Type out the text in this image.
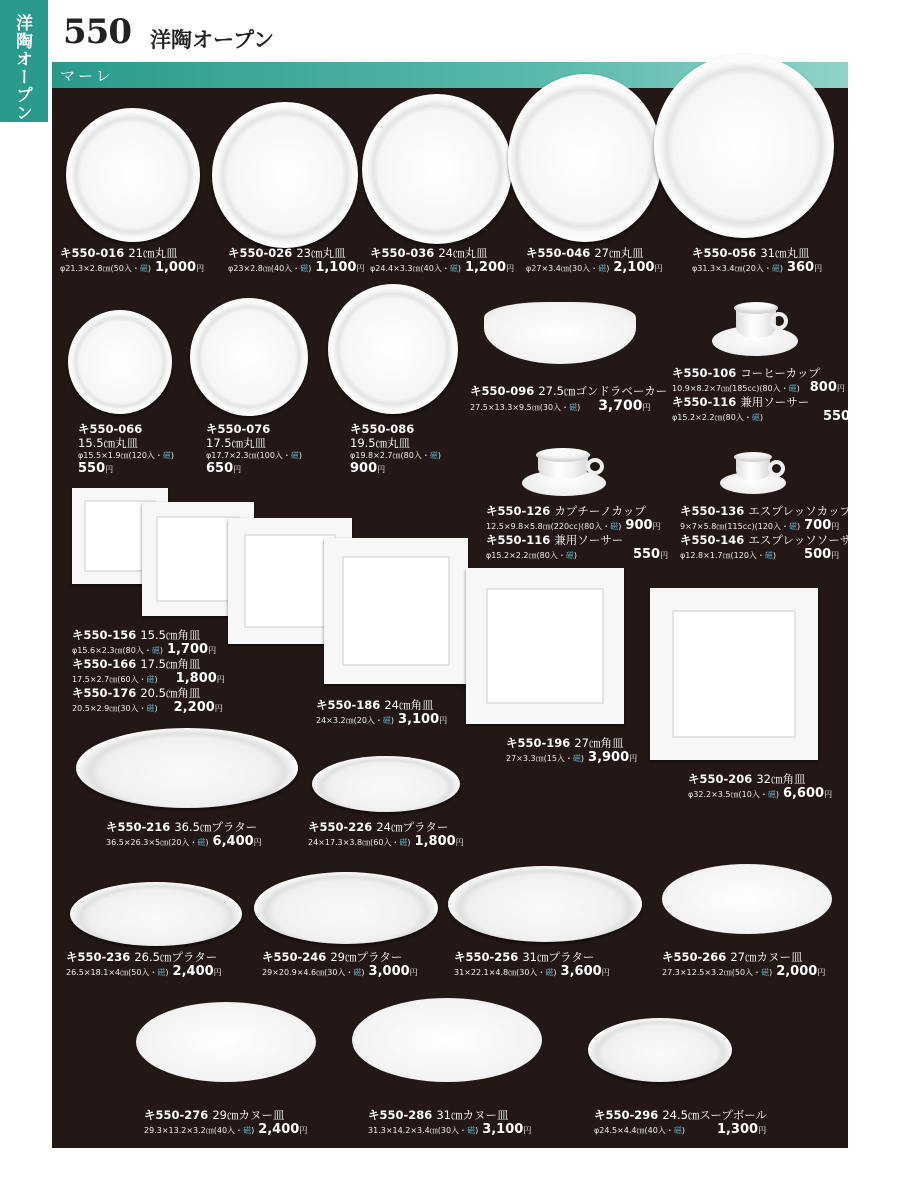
洋陶オープン 550 洋陶オープン
マーレ
キ550-016 21㎝丸皿
φ21.3×2.8㎝(50入・磁) 1,000円
キ550-026 23㎝丸皿
φ23×2.8㎝(40入・磁) 1,100円
キ550-036 24㎝丸皿
φ24.4×3.3㎝(40入・磁) 1,200円
キ550-046 27㎝丸皿
φ27×3.4㎝(30入・磁) 2,100円
キ550-056 31㎝丸皿
φ31.3×3.4㎝(20入・磁) 360円
キ550-066
15.5㎝丸皿
φ15.5×1.9㎝(120入・磁)
550円
キ550-076
17.5㎝丸皿
φ17.7×2.3㎝(100入・磁)
650円
キ550-086
19.5㎝丸皿
φ19.8×2.7㎝(80入・磁)
900円
キ550-096 27.5㎝ゴンドラベーカー
27.5×13.3×9.5㎝(30入・磁) 3,700円
キ550-106 コーヒーカップ
10.9×8.2×7㎝(185cc)(80入・磁) 800円
キ550-116 兼用ソーサー
φ15.2×2.2㎝(80入・磁)	550円
キ550-126 カプチーノカップ
12.5×9.8×5.8㎝(220cc)(80入・磁) 900円
キ550-116 兼用ソーサー
φ15.2×2.2㎝(80入・磁)	550円
キ550-136 エスプレッソカップ
9×7×5.8㎝(115cc)(120入・磁) 700円
キ550-146 エスプレッソソーサー
φ12.8×1.7㎝(120入・磁) 500円
キ550-156 15.5㎝角皿
φ15.6×2.3㎝(80入・磁) 1,700円
キ550-166 17.5㎝角皿
17.5×2.7㎝(60入・磁) 1,800円
キ550-176 20.5㎝角皿
20.5×2.9㎝(30入・磁) 2,200円	キ550-186 24㎝角皿
24×3.2㎝(20入・磁) 3,100円
キ550-196 27㎝角皿
27×3.3㎝(15入・磁) 3,900円
キ550-206 32㎝角皿
φ32.2×3.5㎝(10入・磁) 6,600円
キ550-216 36.5㎝プラター
36.5×26.3×5㎝(20入・磁) 6,400円
キ550-226 24㎝プラター
24×17.3×3.8㎝(60入・磁) 1,800円
キ550-236 26.5㎝プラター
26.5×18.1×4㎝(50入・磁) 2,400円
キ550-246 29㎝プラター
29×20.9×4.6㎝(30入・磁) 3,000円
キ550-256 31㎝プラター
31×22.1×4.8㎝(30入・磁) 3,600円
キ550-266 27㎝カヌー皿
27.3×12.5×3.2㎝(50入・磁) 2,000円
キ550-276 29㎝カヌー皿
29.3×13.2×3.2㎝(40入・磁) 2,400円
キ550-286 31㎝カヌー皿
31.3×14.2×3.4㎝(30入・磁) 3,100円
キ550-296 24.5㎝スープボール
φ24.5×4.4㎝(40入・磁) 1,300円
